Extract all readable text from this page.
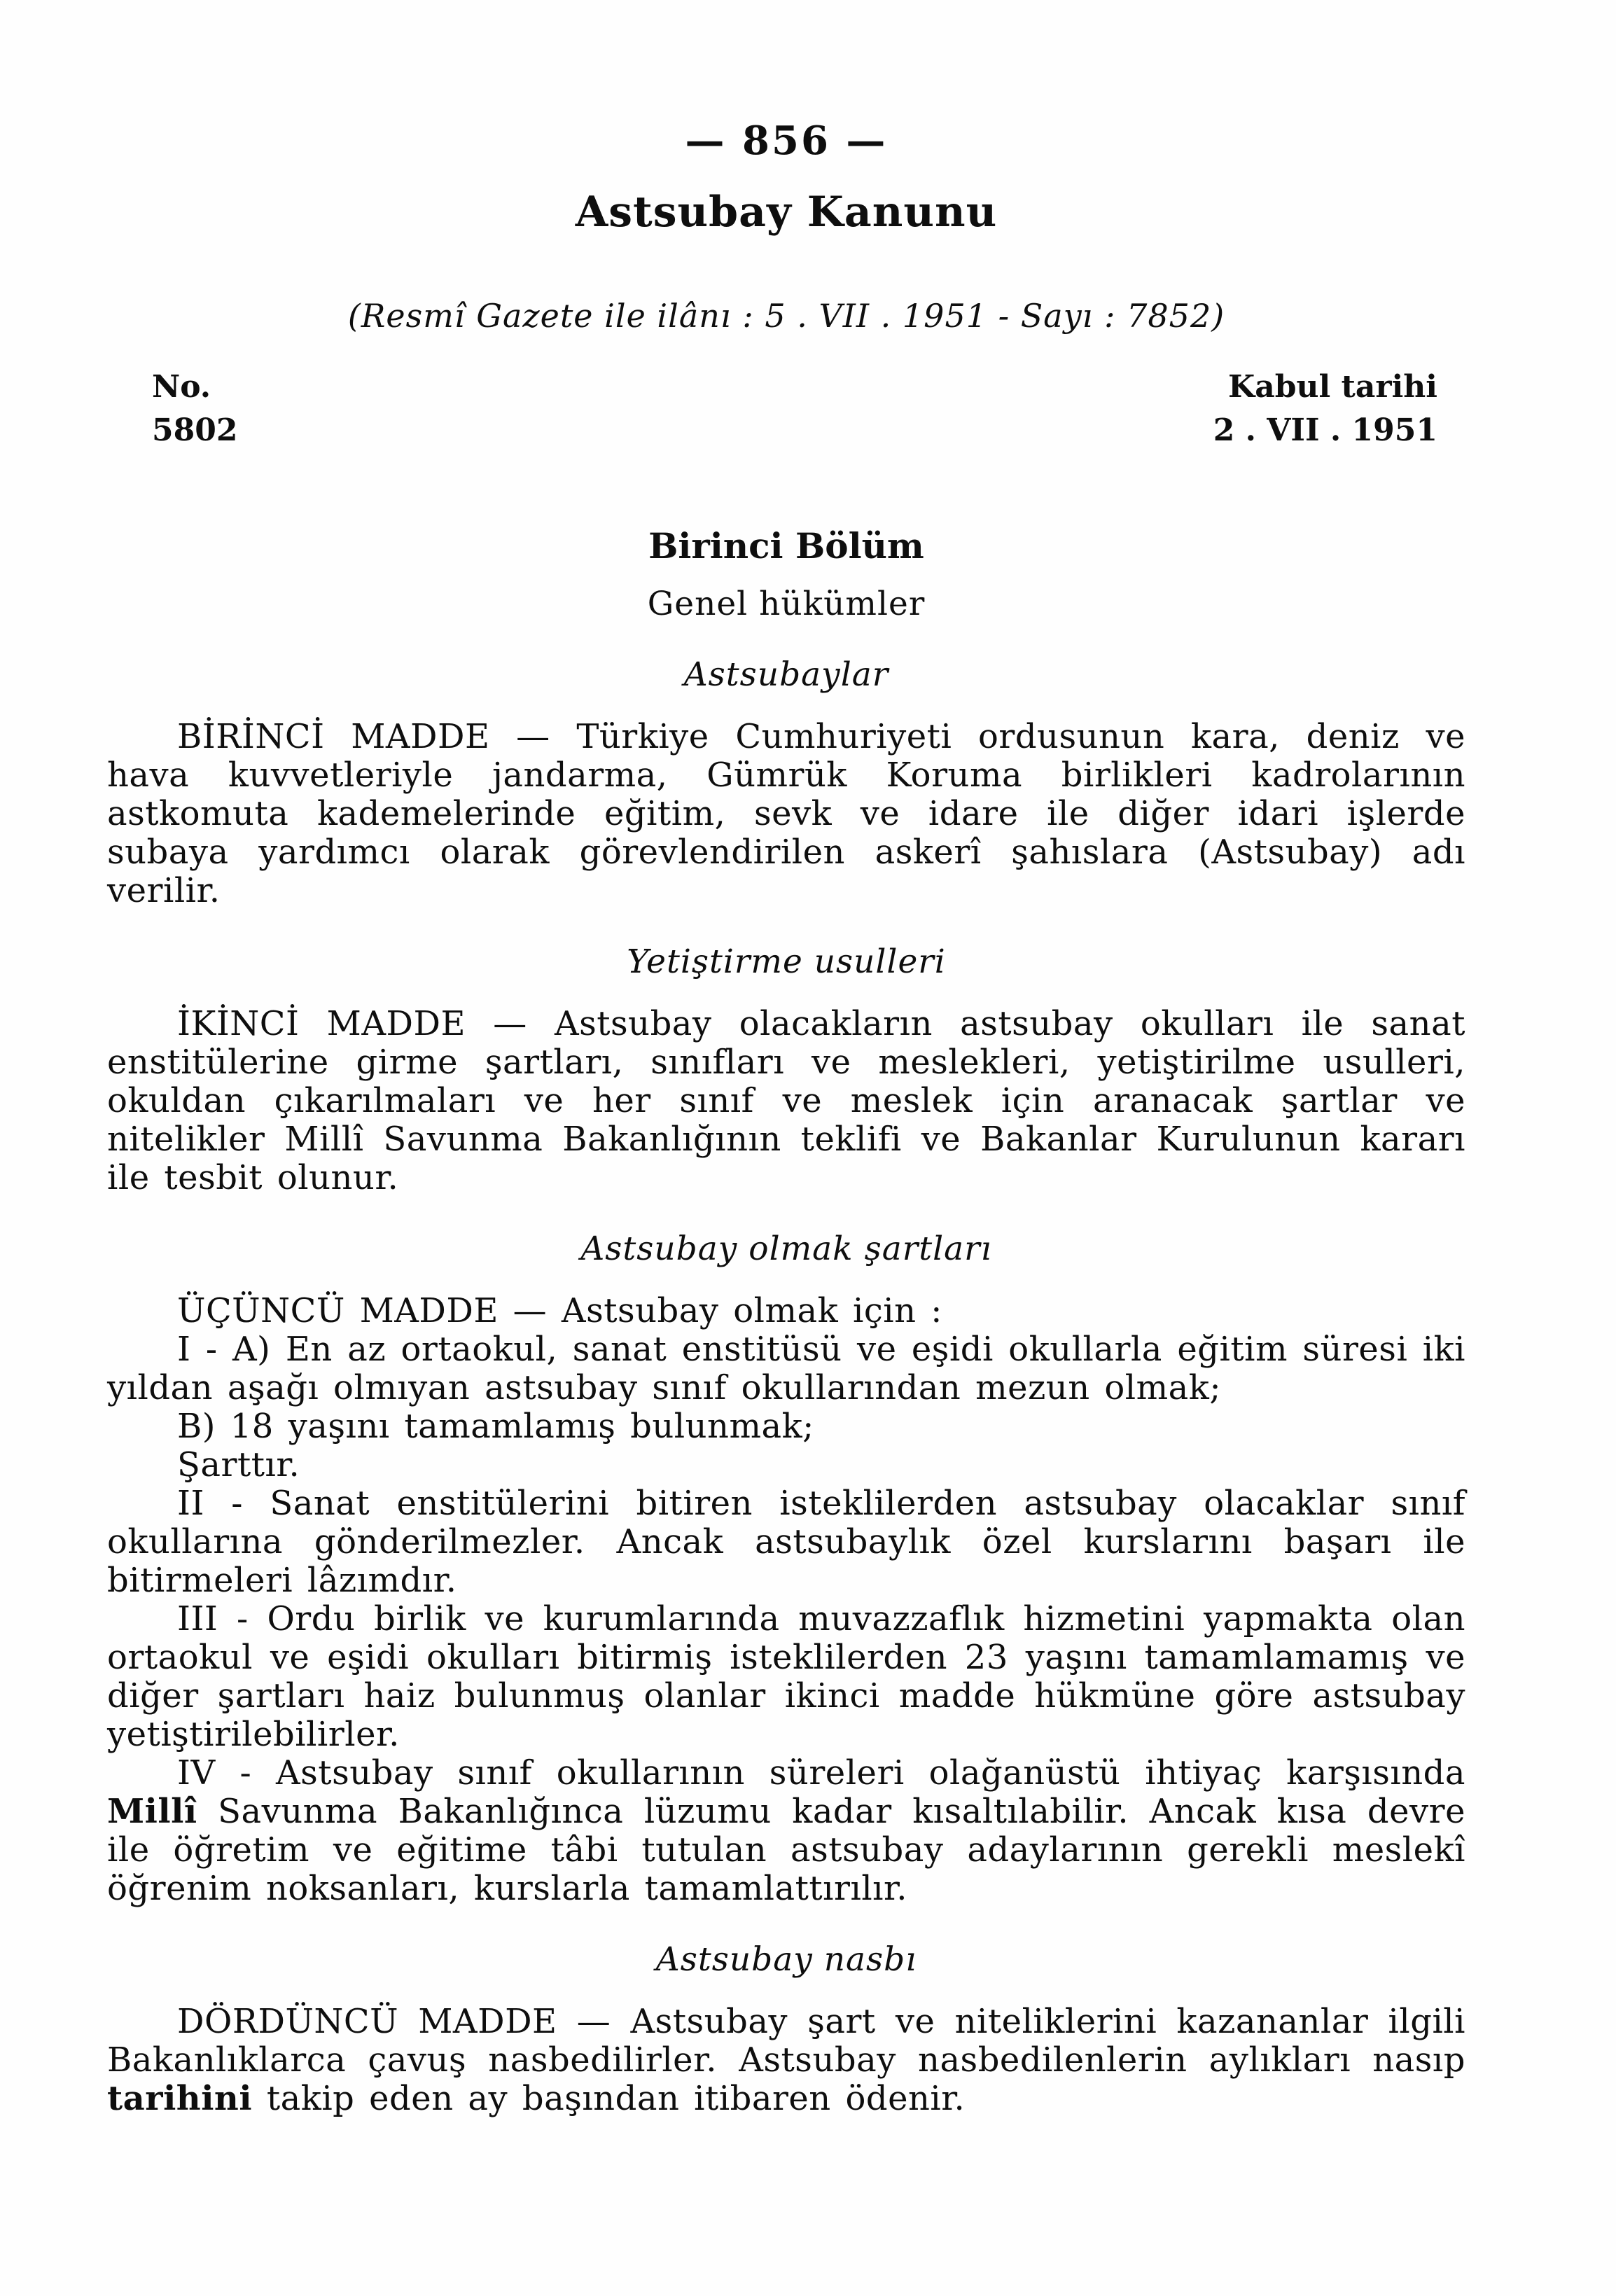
— 856 —
Astsubay Kanunu
(Resmî Gazete ile ilânı : 5 . VII . 1951 - Sayı : 7852)
No.
5802
Kabul tarihi
2 . VII . 1951
Birinci Bölüm
Genel hükümler
Astsubaylar

BİRİNCİ MADDE — Türkiye Cumhuriyeti ordusunun kara, deniz ve hava kuvvetleriyle jandarma, Gümrük Koruma birlikleri kadrolarının astkomuta kademelerinde eğitim, sevk ve idare ile diğer idari işlerde subaya yardımcı olarak görevlendirilen askerî şahıslara (Astsubay) adı verilir.

Yetiştirme usulleri

İKİNCİ MADDE — Astsubay olacakların astsubay okulları ile sanat enstitülerine girme şartları, sınıfları ve meslekleri, yetiştirilme usulleri, okuldan çıkarılmaları ve her sınıf ve meslek için aranacak şartlar ve nitelikler Millî Savunma Bakanlığının teklifi ve Bakanlar Kurulunun kararı ile tesbit olunur.

Astsubay olmak şartları

ÜÇÜNCÜ MADDE — Astsubay olmak için :

I - A) En az ortaokul, sanat enstitüsü ve eşidi okullarla eğitim süresi iki yıldan aşağı olmıyan astsubay sınıf okullarından mezun olmak;

B) 18 yaşını tamamlamış bulunmak;

Şarttır.

II - Sanat enstitülerini bitiren isteklilerden astsubay olacaklar sınıf okullarına gönderilmezler. Ancak astsubaylık özel kurslarını başarı ile bitirmeleri lâzımdır.

III - Ordu birlik ve kurumlarında muvazzaflık hizmetini yapmakta olan ortaokul ve eşidi okulları bitirmiş isteklilerden 23 yaşını tamamlamamış ve diğer şartları haiz bulunmuş olanlar ikinci madde hükmüne göre astsubay yetiştirilebilirler.

IV - Astsubay sınıf okullarının süreleri olağanüstü ihtiyaç karşısında Millî Savunma Bakanlığınca lüzumu kadar kısaltılabilir. Ancak kısa devre ile öğretim ve eğitime tâbi tutulan astsubay adaylarının gerekli meslekî öğrenim noksanları, kurslarla tamamlattırılır.

Astsubay nasbı

DÖRDÜNCÜ MADDE — Astsubay şart ve niteliklerini kazananlar ilgili Bakanlıklarca çavuş nasbedilirler. Astsubay nasbedilenlerin aylıkları nasıp tarihini takip eden ay başından itibaren ödenir.
